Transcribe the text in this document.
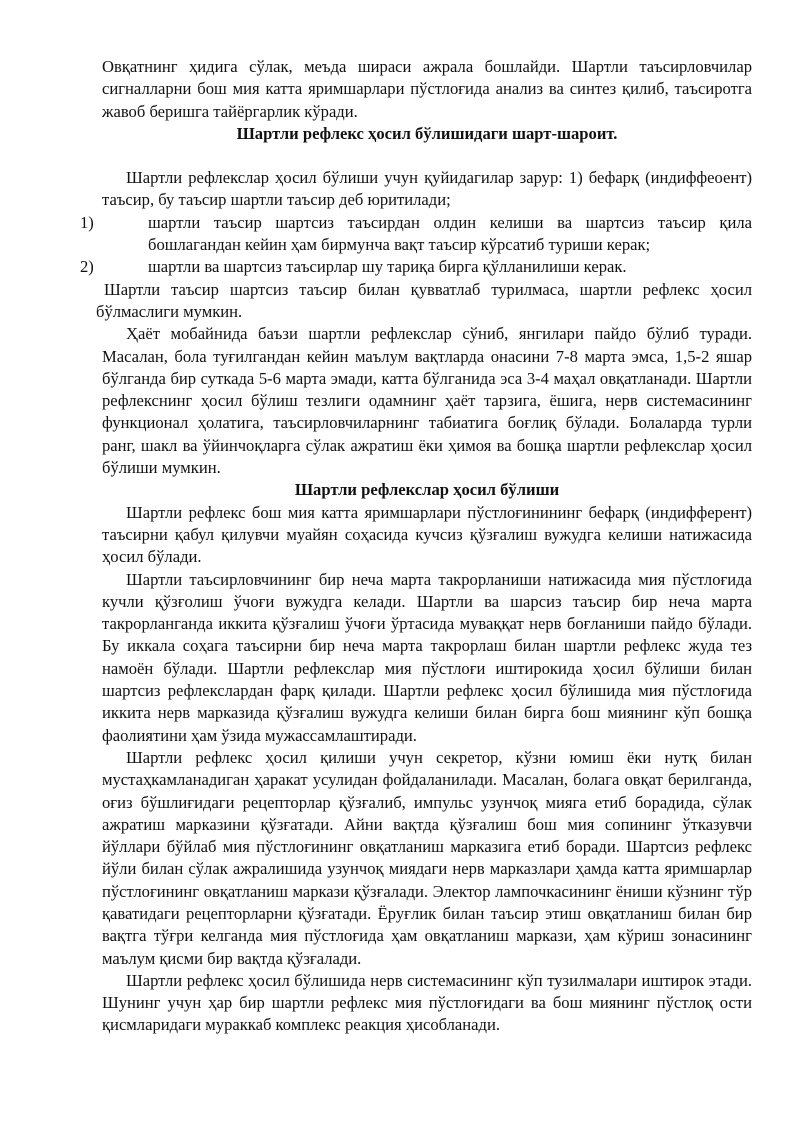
Овқатнинг ҳидига сўлак, меъда шираси ажрала бошлайди. Шартли таъсирловчилар сигналларни бош мия катта яримшарлари пўстлоғида анализ ва синтез қилиб, таъсиротга жавоб беришга тайёргарлик кўради.

Шартли рефлекс ҳосил бўлишидаги шарт-шароит.

Шартли рефлекслар ҳосил бўлиши учун қуйидагилар зарур: 1) бефарқ (индиффеоент) таъсир, бу таъсир шартли таъсир деб юритилади;

1)	шартли таъсир шартсиз таъсирдан олдин келиши ва шартсиз таъсир қила бошлагандан кейин ҳам бирмунча вақт таъсир кўрсатиб туриши керак;
2)	шартли ва шартсиз таъсирлар шу тариқа бирга қўлланилиши керак.

Шартли таъсир шартсиз таъсир билан қувватлаб турилмаса, шартли рефлекс ҳосил бўлмаслиги мумкин.

Ҳаёт мобайнида баъзи шартли рефлекслар сўниб, янгилари пайдо бўлиб туради. Масалан, бола туғилгандан кейин маълум вақтларда онасини 7-8 марта эмса, 1,5-2 яшар бўлганда бир суткада 5-6 марта эмади, катта бўлганида эса 3-4 маҳал овқатланади. Шартли рефлекснинг ҳосил бўлиш тезлиги одамнинг ҳаёт тарзига, ёшига, нерв системасининг функционал ҳолатига, таъсирловчиларнинг табиатига боғлиқ бўлади. Болаларда турли ранг, шакл ва ўйинчоқларга сўлак ажратиш ёки ҳимоя ва бошқа шартли рефлекслар ҳосил бўлиши мумкин.

Шартли рефлекслар ҳосил бўлиши

Шартли рефлекс бош мия катта яримшарлари пўстлоғинининг бефарқ (индифферент) таъсирни қабул қилувчи муайян соҳасида кучсиз қўзғалиш вужудга келиши натижасида ҳосил бўлади.

Шартли таъсирловчининг бир неча марта такрорланиши натижасида мия пўстлоғида кучли қўзғолиш ўчоғи вужудга келади. Шартли ва шарсиз таъсир бир неча марта такрорланганда иккита қўзғалиш ўчоғи ўртасида муваққат нерв боғланиши пайдо бўлади. Бу иккала соҳага таъсирни бир неча марта такрорлаш билан шартли рефлекс жуда тез намоён бўлади. Шартли рефлекслар мия пўстлоғи иштирокида ҳосил бўлиши билан шартсиз рефлекслардан фарқ қилади. Шартли рефлекс ҳосил бўлишида мия пўстлоғида иккита нерв марказида қўзғалиш вужудга келиши билан бирга бош миянинг кўп бошқа фаолиятини ҳам ўзида мужассамлаштиради.

Шартли рефлекс ҳосил қилиши учун секретор, кўзни юмиш ёки нутқ билан мустаҳкамланадиган ҳаракат усулидан фойдаланилади. Масалан, болага овқат берилганда, оғиз бўшлиғидаги рецепторлар қўзғалиб, импульс узунчоқ мияга етиб борадида, сўлак ажратиш марказини қўзғатади. Айни вақтда қўзғалиш бош мия сопининг ўтказувчи йўллари бўйлаб мия пўстлоғининг овқатланиш марказига етиб боради. Шартсиз рефлекс йўли билан сўлак ажралишида узунчоқ миядаги нерв марказлари ҳамда катта яримшарлар пўстлоғининг овқатланиш маркази қўзғалади. Электор лампочкасининг ёниши кўзнинг тўр қаватидаги рецепторларни қўзғатади. Ёруғлик билан таъсир этиш овқатланиш билан бир вақтга тўғри келганда мия пўстлоғида ҳам овқатланиш маркази, ҳам кўриш зонасининг маълум қисми бир вақтда қўзғалади.

Шартли рефлекс ҳосил бўлишида нерв системасининг кўп тузилмалари иштирок этади. Шунинг учун ҳар бир шартли рефлекс мия пўстлоғидаги ва бош миянинг пўстлоқ ости қисмларидаги мураккаб комплекс реакция ҳисобланади.
